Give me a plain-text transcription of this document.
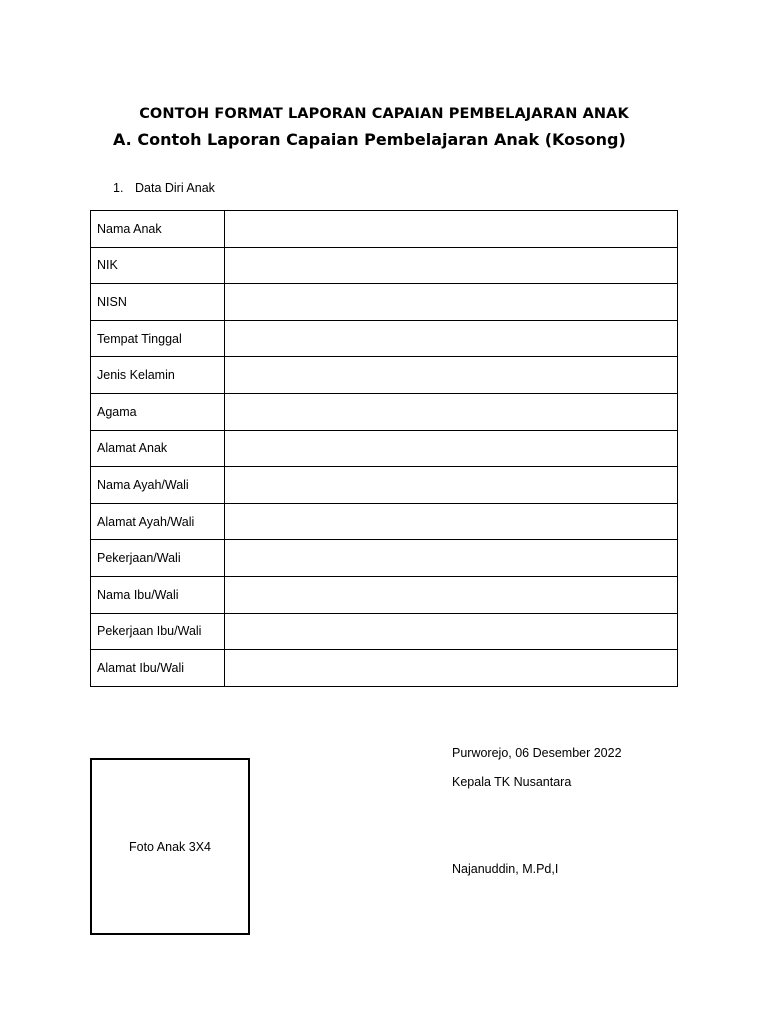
CONTOH FORMAT LAPORAN CAPAIAN PEMBELAJARAN ANAK
A. Contoh Laporan Capaian Pembelajaran Anak (Kosong)
1. Data Diri Anak
Nama Anak	
NIK	
NISN	
Tempat Tinggal	
Jenis Kelamin	
Agama	
Alamat Anak	
Nama Ayah/Wali	
Alamat Ayah/Wali	
Pekerjaan/Wali	
Nama Ibu/Wali	
Pekerjaan Ibu/Wali	
Alamat Ibu/Wali	
Foto Anak 3X4
Purworejo, 06 Desember 2022
Kepala TK Nusantara
Najanuddin, M.Pd,I
